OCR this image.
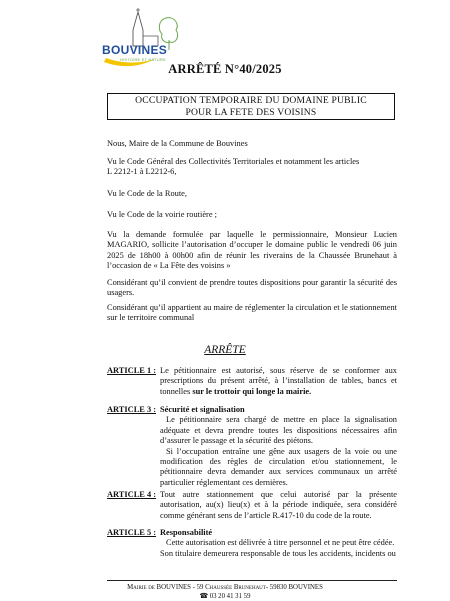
BOUVINES
HISTOIRE ET NATURE
ARRÊTÉ N°40/2025
OCCUPATION TEMPORAIRE DU DOMAINE PUBLIC
POUR LA FETE DES VOISINS
Nous, Maire de la Commune de Bouvines
Vu le Code Général des Collectivités Territoriales et notamment les articles
L 2212-1 à L2212-6,
Vu le Code de la Route,
Vu le Code de la voirie routière ;
Vu la demande formulée par laquelle le permissionnaire, Monsieur Lucien MAGARIO, sollicite l’autorisation d’occuper le domaine public le vendredi 06 juin 2025 de 18h00 à 00h00 afin de réunir les riverains de la Chaussée Brunehaut à l’occasion de « La Fête des voisins »
Considérant qu’il convient de prendre toutes dispositions pour garantir la sécurité des usagers.
Considérant qu’il appartient au maire de réglementer la circulation et le stationnement sur le territoire communal
ARRÊTE
ARTICLE 1 : Le pétitionnaire est autorisé, sous réserve de se conformer aux prescriptions du présent arrêté, à l’installation de tables, bancs et tonnelles sur le trottoir qui longe la mairie.
ARTICLE 3 : Sécurité et signalisation
Le pétitionnaire sera chargé de mettre en place la signalisation adéquate et devra prendre toutes les dispositions nécessaires afin d’assurer le passage et la sécurité des piétons.
Si l’occupation entraîne une gêne aux usagers de la voie ou une modification des règles de circulation et/ou stationnement, le pétitionnaire devra demander aux services communaux un arrêté particulier réglementant ces dernières.
ARTICLE 4 : Tout autre stationnement que celui autorisé par la présente autorisation, au(x) lieu(x) et à la période indiquée, sera considéré comme générant sens de l’article R.417-10 du code de la route.
ARTICLE 5 : Responsabilité
Cette autorisation est délivrée à titre personnel et ne peut être cédée.
Son titulaire demeurera responsable de tous les accidents, incidents ou
Mairie de BOUVINES - 59 Chaussée Brunehaut- 59830 BOUVINES
☎ 03 20 41 31 59
